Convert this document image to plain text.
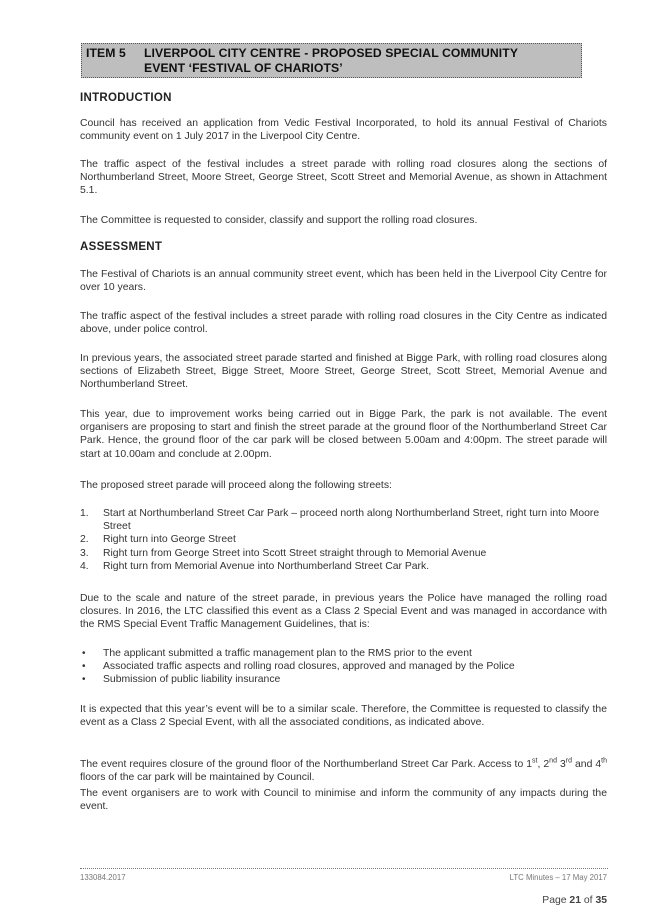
ITEM 5 LIVERPOOL CITY CENTRE - PROPOSED SPECIAL COMMUNITY
EVENT ‘FESTIVAL OF CHARIOTS’
INTRODUCTION
Council has received an application from Vedic Festival Incorporated, to hold its annual Festival of Chariots community event on 1 July 2017 in the Liverpool City Centre.
The traffic aspect of the festival includes a street parade with rolling road closures along the sections of Northumberland Street, Moore Street, George Street, Scott Street and Memorial Avenue, as shown in Attachment 5.1.
The Committee is requested to consider, classify and support the rolling road closures.
ASSESSMENT
The Festival of Chariots is an annual community street event, which has been held in the Liverpool City Centre for over 10 years.
The traffic aspect of the festival includes a street parade with rolling road closures in the City Centre as indicated above, under police control.
In previous years, the associated street parade started and finished at Bigge Park, with rolling road closures along sections of Elizabeth Street, Bigge Street, Moore Street, George Street, Scott Street, Memorial Avenue and Northumberland Street.
This year, due to improvement works being carried out in Bigge Park, the park is not available. The event organisers are proposing to start and finish the street parade at the ground floor of the Northumberland Street Car Park. Hence, the ground floor of the car park will be closed between 5.00am and 4:00pm. The street parade will start at 10.00am and conclude at 2.00pm.
The proposed street parade will proceed along the following streets:
1. Start at Northumberland Street Car Park – proceed north along Northumberland Street, right turn into Moore Street
2. Right turn into George Street
3. Right turn from George Street into Scott Street straight through to Memorial Avenue
4. Right turn from Memorial Avenue into Northumberland Street Car Park.
Due to the scale and nature of the street parade, in previous years the Police have managed the rolling road closures. In 2016, the LTC classified this event as a Class 2 Special Event and was managed in accordance with the RMS Special Event Traffic Management Guidelines, that is:
• The applicant submitted a traffic management plan to the RMS prior to the event
• Associated traffic aspects and rolling road closures, approved and managed by the Police
• Submission of public liability insurance
It is expected that this year’s event will be to a similar scale. Therefore, the Committee is requested to classify the event as a Class 2 Special Event, with all the associated conditions, as indicated above.
The event requires closure of the ground floor of the Northumberland Street Car Park. Access to 1st, 2nd 3rd and 4th floors of the car park will be maintained by Council.
The event organisers are to work with Council to minimise and inform the community of any impacts during the event.
133084.2017	LTC Minutes – 17 May 2017
Page 21 of 35
